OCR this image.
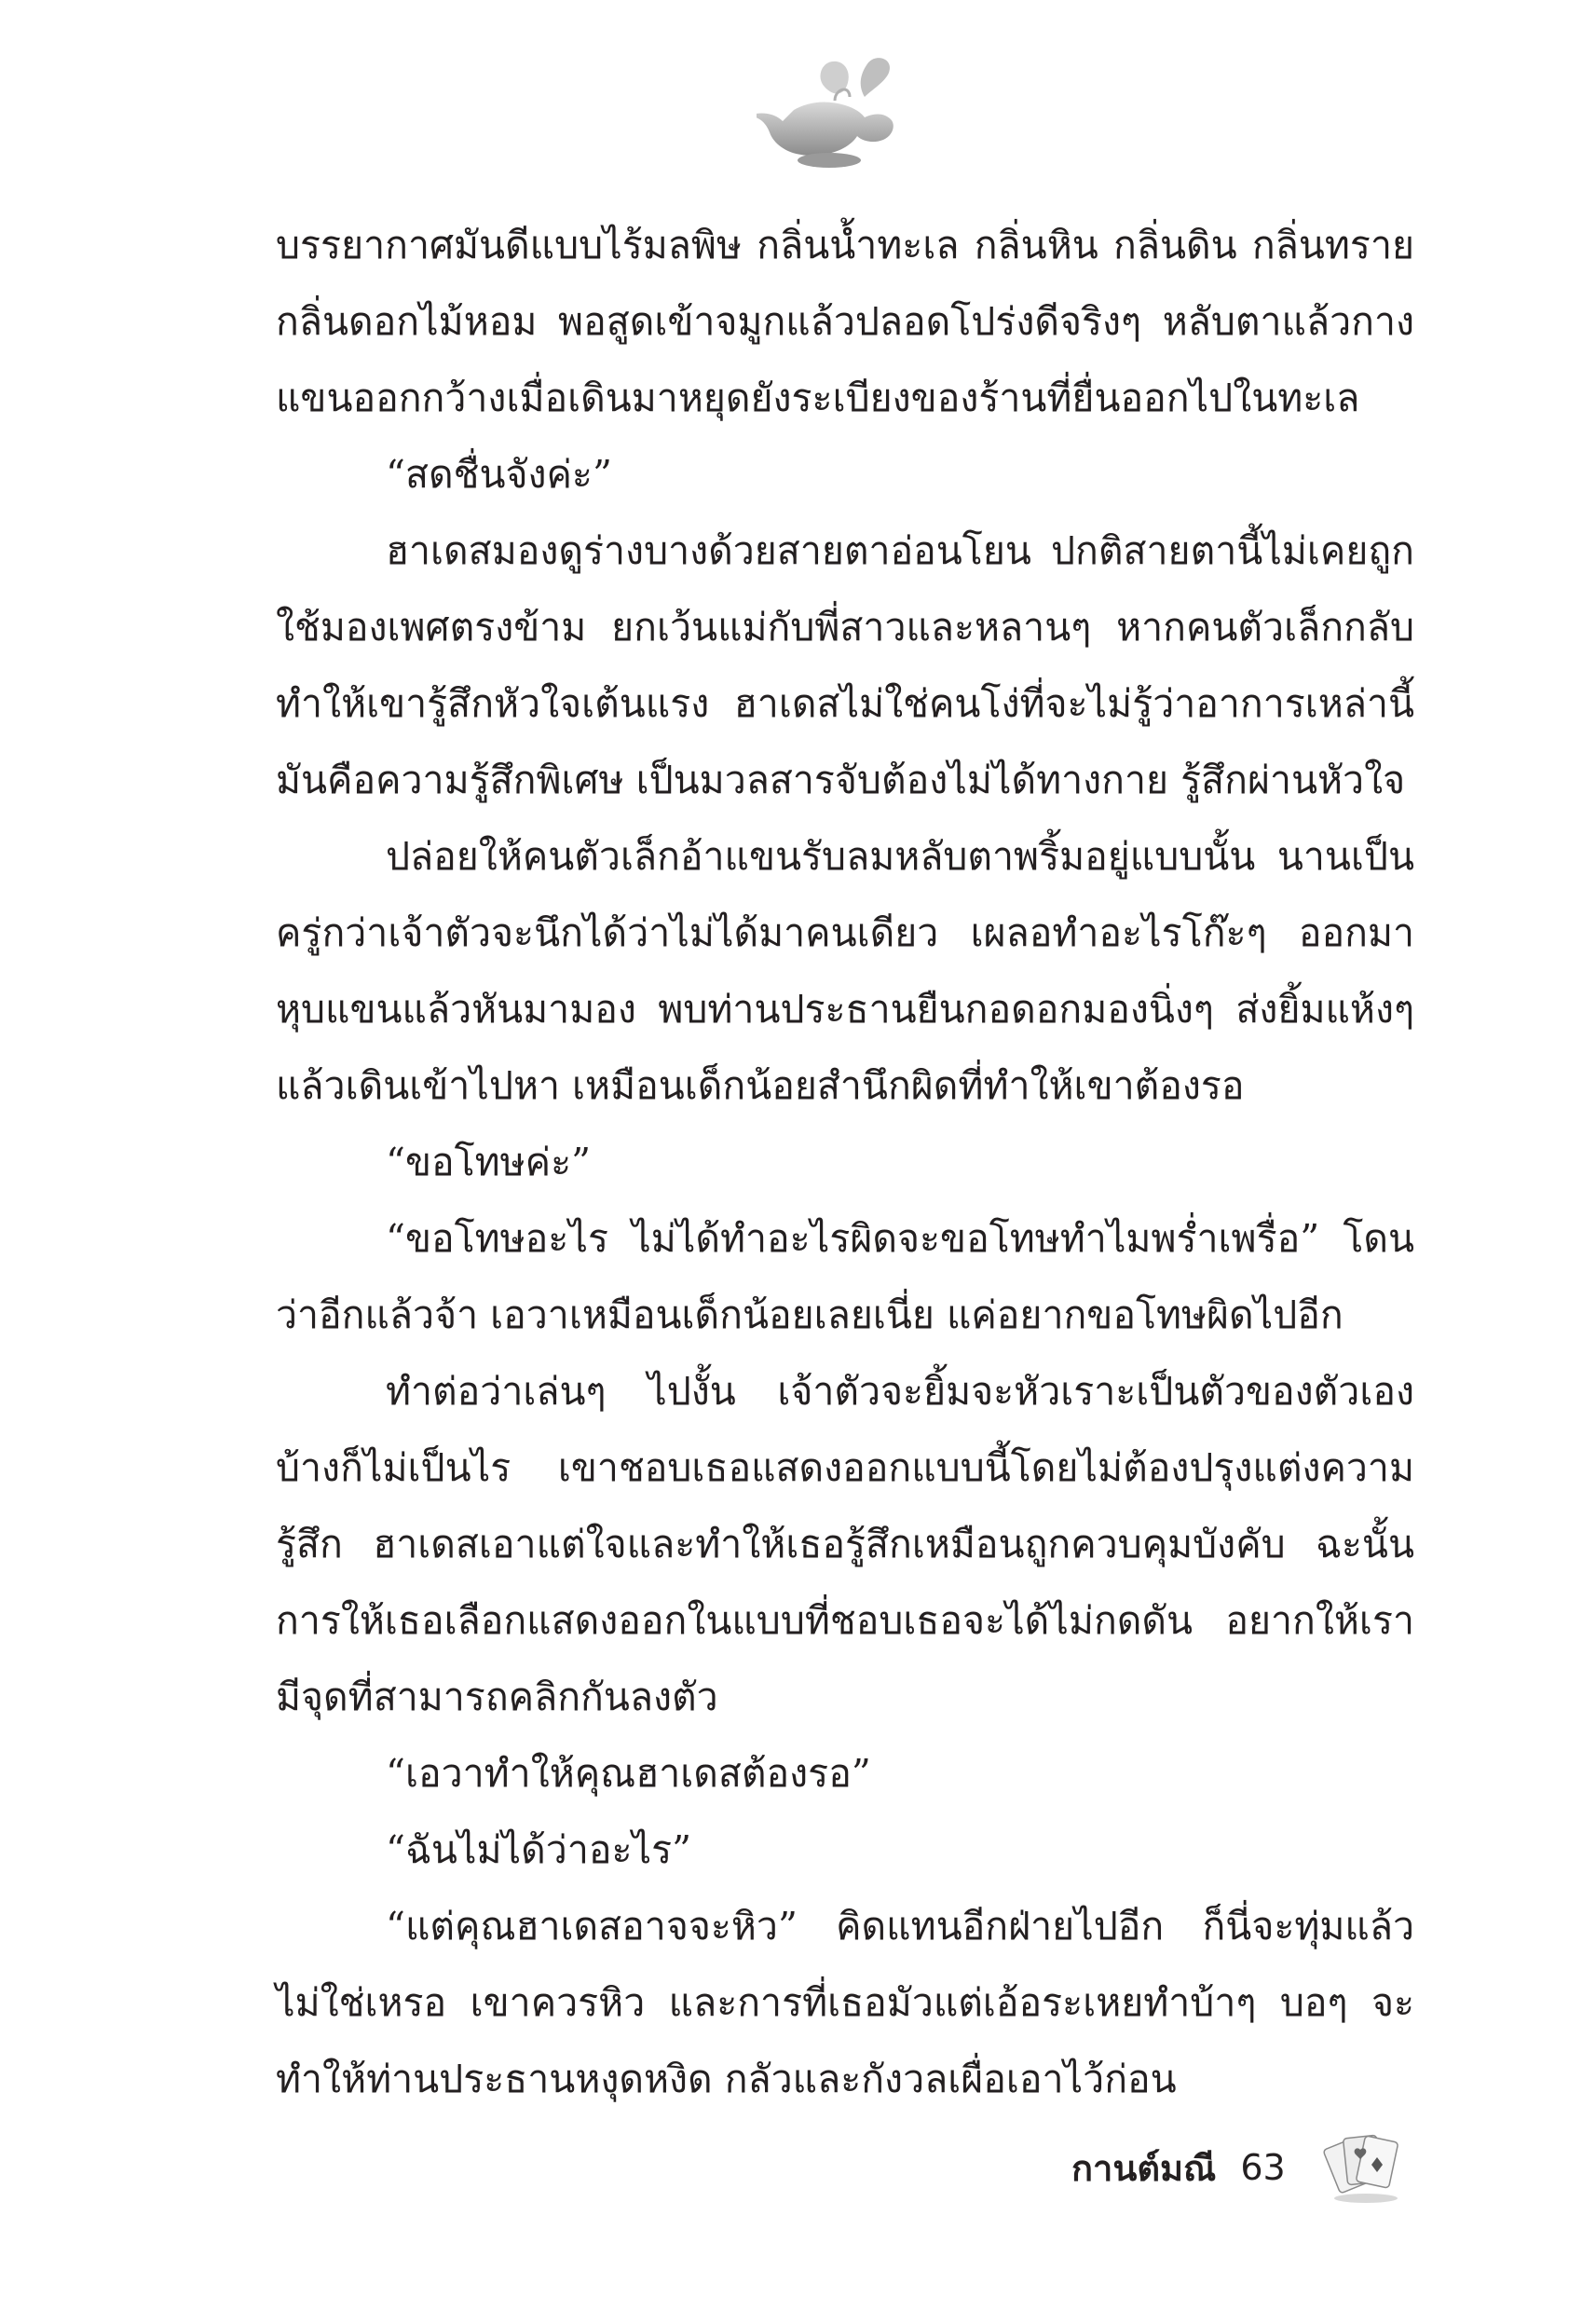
บรรยากาศมันดีแบบไร้มลพิษ กลิ่นน้ำทะเล กลิ่นหิน กลิ่นดิน กลิ่นทราย กลิ่นดอกไม้หอม พอสูดเข้าจมูกแล้วปลอดโปร่งดีจริงๆ หลับตาแล้วกางแขนออกกว้างเมื่อเดินมาหยุดยังระเบียงของร้านที่ยื่นออกไปในทะเล

“สดชื่นจังค่ะ”

ฮาเดสมองดูร่างบางด้วยสายตาอ่อนโยน ปกติสายตานี้ไม่เคยถูกใช้มองเพศตรงข้าม ยกเว้นแม่กับพี่สาวและหลานๆ หากคนตัวเล็กกลับทำให้เขารู้สึกหัวใจเต้นแรง ฮาเดสไม่ใช่คนโง่ที่จะไม่รู้ว่าอาการเหล่านี้มันคือความรู้สึกพิเศษ เป็นมวลสารจับต้องไม่ได้ทางกาย รู้สึกผ่านหัวใจ

ปล่อยให้คนตัวเล็กอ้าแขนรับลมหลับตาพริ้มอยู่แบบนั้น นานเป็นครู่กว่าเจ้าตัวจะนึกได้ว่าไม่ได้มาคนเดียว เผลอทำอะไรโก๊ะๆ ออกมา หุบแขนแล้วหันมามอง พบท่านประธานยืนกอดอกมองนิ่งๆ ส่งยิ้มแห้งๆ แล้วเดินเข้าไปหา เหมือนเด็กน้อยสำนึกผิดที่ทำให้เขาต้องรอ

“ขอโทษค่ะ”

“ขอโทษอะไร ไม่ได้ทำอะไรผิดจะขอโทษทำไมพร่ำเพรื่อ” โดนว่าอีกแล้วจ้า เอวาเหมือนเด็กน้อยเลยเนี่ย แค่อยากขอโทษผิดไปอีก

ทำต่อว่าเล่นๆ ไปงั้น เจ้าตัวจะยิ้มจะหัวเราะเป็นตัวของตัวเองบ้างก็ไม่เป็นไร เขาชอบเธอแสดงออกแบบนี้โดยไม่ต้องปรุงแต่งความรู้สึก ฮาเดสเอาแต่ใจและทำให้เธอรู้สึกเหมือนถูกควบคุมบังคับ ฉะนั้นการให้เธอเลือกแสดงออกในแบบที่ชอบเธอจะได้ไม่กดดัน อยากให้เรามีจุดที่สามารถคลิกกันลงตัว

“เอวาทำให้คุณฮาเดสต้องรอ”

“ฉันไม่ได้ว่าอะไร”

“แต่คุณฮาเดสอาจจะหิว” คิดแทนอีกฝ่ายไปอีก ก็นี่จะทุ่มแล้วไม่ใช่เหรอ เขาควรหิว และการที่เธอมัวแต่เอ้อระเหยทำบ้าๆ บอๆ จะทำให้ท่านประธานหงุดหงิด กลัวและกังวลเผื่อเอาไว้ก่อน

กานต์มณี 63
